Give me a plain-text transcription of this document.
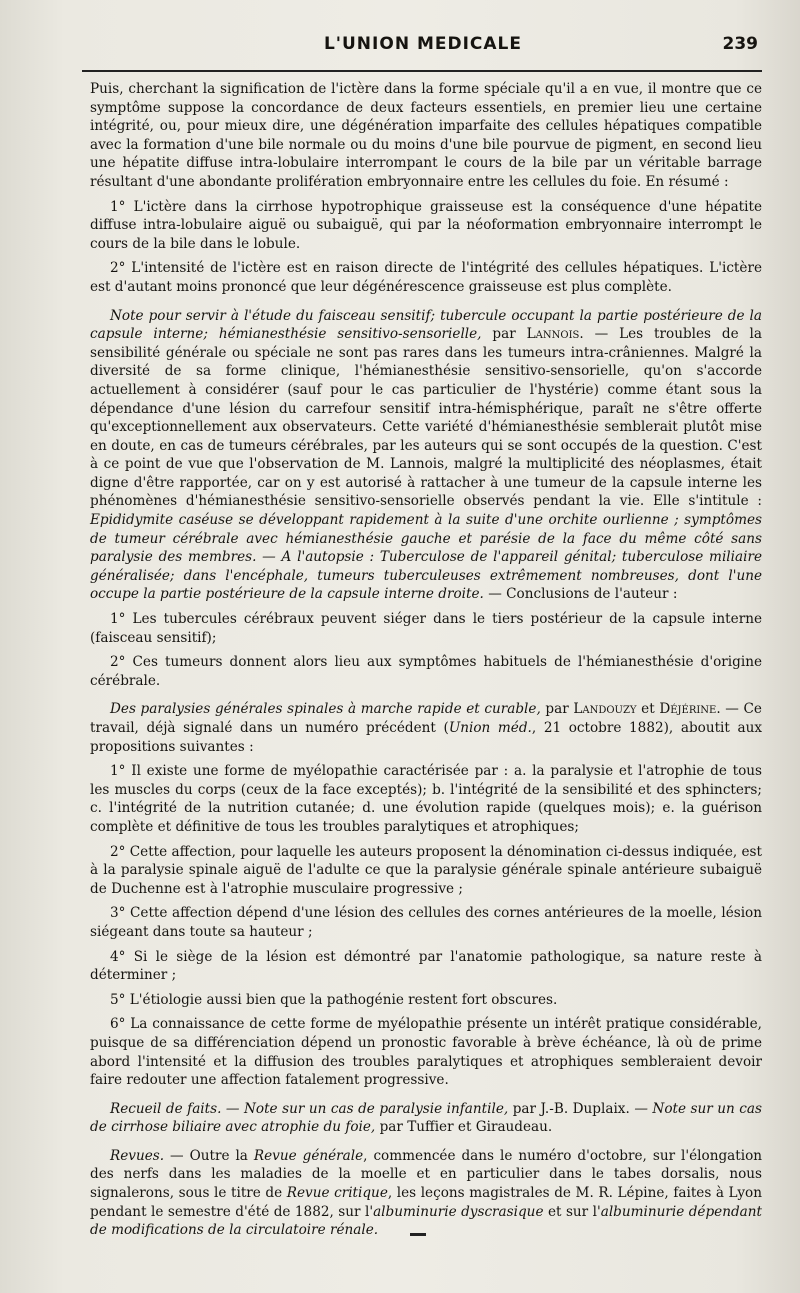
L'UNION MEDICALE	239

Puis, cherchant la signification de l'ictère dans la forme spéciale qu'il a en vue, il montre que ce symptôme suppose la concordance de deux facteurs essentiels, en premier lieu une certaine intégrité, ou, pour mieux dire, une dégénération imparfaite des cellules hépatiques compatible avec la formation d'une bile normale ou du moins d'une bile pourvue de pigment, en second lieu une hépatite diffuse intra-lobulaire interrompant le cours de la bile par un véritable barrage résultant d'une abondante prolifération embryonnaire entre les cellules du foie. En résumé :

1° L'ictère dans la cirrhose hypotrophique graisseuse est la conséquence d'une hépatite diffuse intra-lobulaire aiguë ou subaiguë, qui par la néoformation embryonnaire interrompt le cours de la bile dans le lobule.

2° L'intensité de l'ictère est en raison directe de l'intégrité des cellules hépatiques. L'ictère est d'autant moins prononcé que leur dégénérescence graisseuse est plus complète.

Note pour servir à l'étude du faisceau sensitif; tubercule occupant la partie postérieure de la capsule interne; hémianesthésie sensitivo-sensorielle, par Lannois. — Les troubles de la sensibilité générale ou spéciale ne sont pas rares dans les tumeurs intra-crâniennes. Malgré la diversité de sa forme clinique, l'hémianesthésie sensitivo-sensorielle, qu'on s'accorde actuellement à considérer (sauf pour le cas particulier de l'hystérie) comme étant sous la dépendance d'une lésion du carrefour sensitif intra-hémisphérique, paraît ne s'être offerte qu'exceptionnellement aux observateurs. Cette variété d'hémianesthésie semblerait plutôt mise en doute, en cas de tumeurs cérébrales, par les auteurs qui se sont occupés de la question. C'est à ce point de vue que l'observation de M. Lannois, malgré la multiplicité des néoplasmes, était digne d'être rapportée, car on y est autorisé à rattacher à une tumeur de la capsule interne les phénomènes d'hémianesthésie sensitivo-sensorielle observés pendant la vie. Elle s'intitule : Epididymite caséuse se développant rapidement à la suite d'une orchite ourlienne ; symptômes de tumeur cérébrale avec hémianesthésie gauche et parésie de la face du même côté sans paralysie des membres. — A l'autopsie : Tuberculose de l'appareil génital; tuberculose miliaire généralisée; dans l'encéphale, tumeurs tuberculeuses extrêmement nombreuses, dont l'une occupe la partie postérieure de la capsule interne droite. — Conclusions de l'auteur :

1° Les tubercules cérébraux peuvent siéger dans le tiers postérieur de la capsule interne (faisceau sensitif);

2° Ces tumeurs donnent alors lieu aux symptômes habituels de l'hémianesthésie d'origine cérébrale.

Des paralysies générales spinales à marche rapide et curable, par Landouzy et Déjérine. — Ce travail, déjà signalé dans un numéro précédent (Union méd., 21 octobre 1882), aboutit aux propositions suivantes :

1° Il existe une forme de myélopathie caractérisée par : a. la paralysie et l'atrophie de tous les muscles du corps (ceux de la face exceptés); b. l'intégrité de la sensibilité et des sphincters; c. l'intégrité de la nutrition cutanée; d. une évolution rapide (quelques mois); e. la guérison complète et définitive de tous les troubles paralytiques et atrophiques;

2° Cette affection, pour laquelle les auteurs proposent la dénomination ci-dessus indiquée, est à la paralysie spinale aiguë de l'adulte ce que la paralysie générale spinale antérieure subaiguë de Duchenne est à l'atrophie musculaire progressive ;

3° Cette affection dépend d'une lésion des cellules des cornes antérieures de la moelle, lésion siégeant dans toute sa hauteur ;

4° Si le siège de la lésion est démontré par l'anatomie pathologique, sa nature reste à déterminer ;

5° L'étiologie aussi bien que la pathogénie restent fort obscures.

6° La connaissance de cette forme de myélopathie présente un intérêt pratique considérable, puisque de sa différenciation dépend un pronostic favorable à brève échéance, là où de prime abord l'intensité et la diffusion des troubles paralytiques et atrophiques sembleraient devoir faire redouter une affection fatalement progressive.

Recueil de faits. — Note sur un cas de paralysie infantile, par J.-B. Duplaix. — Note sur un cas de cirrhose biliaire avec atrophie du foie, par Tuffier et Giraudeau.

Revues. — Outre la Revue générale, commencée dans le numéro d'octobre, sur l'élongation des nerfs dans les maladies de la moelle et en particulier dans le tabes dorsalis, nous signalerons, sous le titre de Revue critique, les leçons magistrales de M. R. Lépine, faites à Lyon pendant le semestre d'été de 1882, sur l'albuminurie dyscrasique et sur l'albuminurie dépendant de modifications de la circulatoire rénale.
